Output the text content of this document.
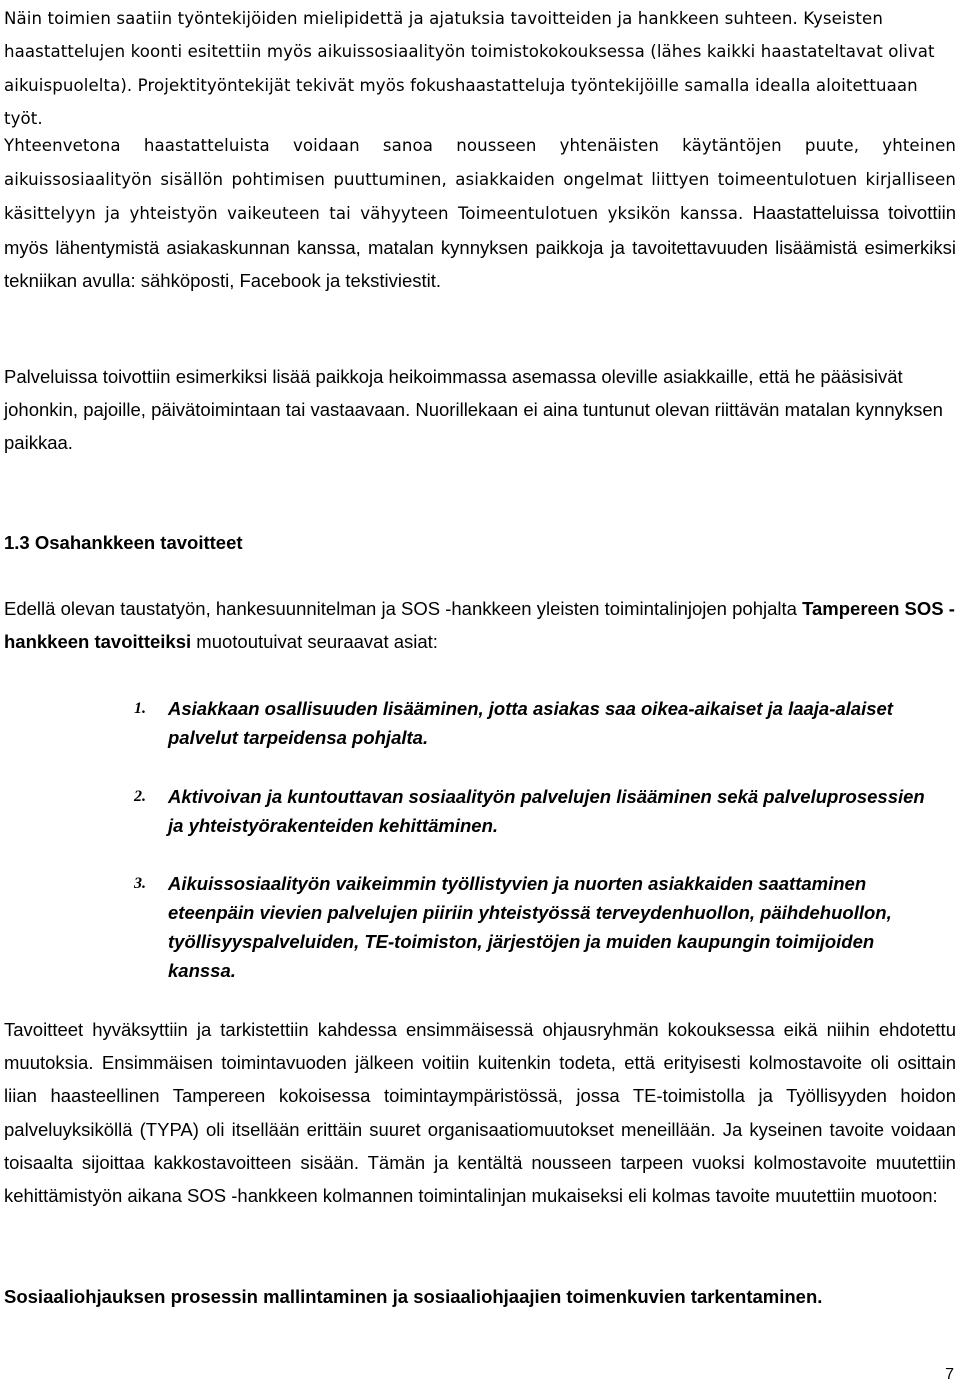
Näin toimien saatiin työntekijöiden mielipidettä ja ajatuksia tavoitteiden ja hankkeen suhteen. Kyseisten haastattelujen koonti esitettiin myös aikuissosiaalityön toimistokokouksessa (lähes kaikki haastateltavat olivat aikuispuolelta). Projektityöntekijät tekivät myös fokushaastatteluja työntekijöille samalla idealla aloitettuaan työt.

Yhteenvetona haastatteluista voidaan sanoa nousseen yhtenäisten käytäntöjen puute, yhteinen aikuissosiaalityön sisällön pohtimisen puuttuminen, asiakkaiden ongelmat liittyen toimeentulotuen kirjalliseen käsittelyyn ja yhteistyön vaikeuteen tai vähyyteen Toimeentulotuen yksikön kanssa. Haastatteluissa toivottiin myös lähentymistä asiakaskunnan kanssa, matalan kynnyksen paikkoja ja tavoitettavuuden lisäämistä esimerkiksi tekniikan avulla: sähköposti, Facebook ja tekstiviestit.

Palveluissa toivottiin esimerkiksi lisää paikkoja heikoimmassa asemassa oleville asiakkaille, että he pääsisivät johonkin, pajoille, päivätoimintaan tai vastaavaan. Nuorillekaan ei aina tuntunut olevan riittävän matalan kynnyksen paikkaa.

1.3 Osahankkeen tavoitteet

Edellä olevan taustatyön, hankesuunnitelman ja SOS -hankkeen yleisten toimintalinjojen pohjalta Tampereen SOS -hankkeen tavoitteiksi muotoutuivat seuraavat asiat:

1.	Asiakkaan osallisuuden lisääminen, jotta asiakas saa oikea-aikaiset ja laaja-alaiset palvelut tarpeidensa pohjalta.
2.	Aktivoivan ja kuntouttavan sosiaalityön palvelujen lisääminen sekä palveluprosessien ja yhteistyörakenteiden kehittäminen.
3.	Aikuissosiaalityön vaikeimmin työllistyvien ja nuorten asiakkaiden saattaminen eteenpäin vievien palvelujen piiriin yhteistyössä terveydenhuollon, päihdehuollon, työllisyyspalveluiden, TE-toimiston, järjestöjen ja muiden kaupungin toimijoiden kanssa.

Tavoitteet hyväksyttiin ja tarkistettiin kahdessa ensimmäisessä ohjausryhmän kokouksessa eikä niihin ehdotettu muutoksia. Ensimmäisen toimintavuoden jälkeen voitiin kuitenkin todeta, että erityisesti kolmostavoite oli osittain liian haasteellinen Tampereen kokoisessa toimintaympäristössä, jossa TE-toimistolla ja Työllisyyden hoidon palveluyksiköllä (TYPA) oli itsellään erittäin suuret organisaatiomuutokset meneillään. Ja kyseinen tavoite voidaan toisaalta sijoittaa kakkostavoitteen sisään. Tämän ja kentältä nousseen tarpeen vuoksi kolmostavoite muutettiin kehittämistyön aikana SOS -hankkeen kolmannen toimintalinjan mukaiseksi eli kolmas tavoite muutettiin muotoon:

Sosiaaliohjauksen prosessin mallintaminen ja sosiaaliohjaajien toimenkuvien tarkentaminen.

7
